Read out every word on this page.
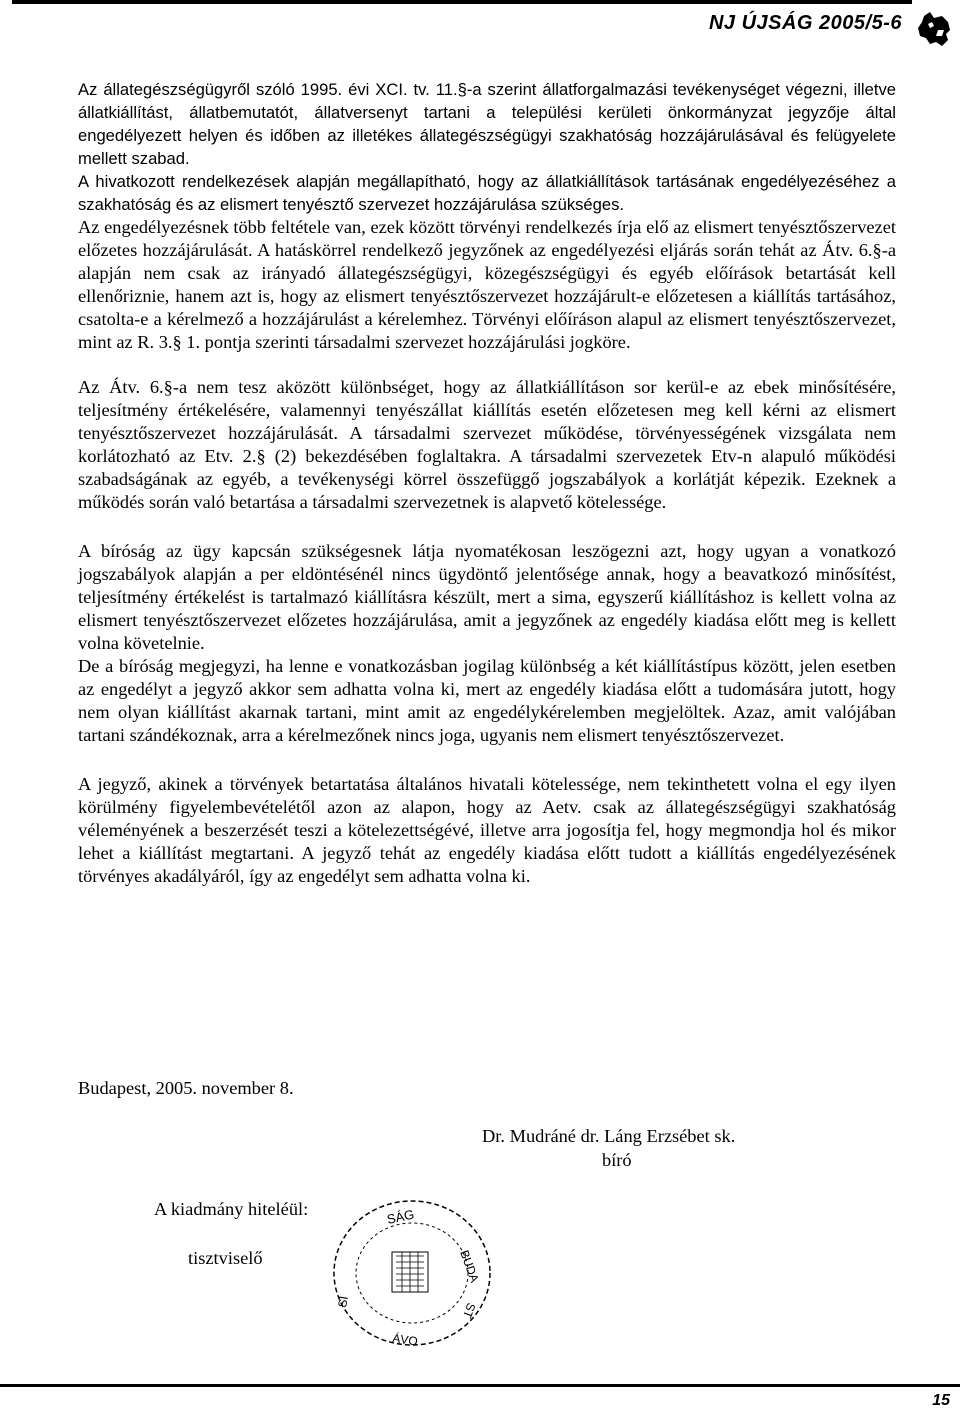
NJ ÚJSÁG 2005/5-6

Az állategészségügyről szóló 1995. évi XCI. tv. 11.§-a szerint állatforgalmazási tevékenységet végezni, illetve állatkiállítást, állatbemutatót, állatversenyt tartani a települési kerületi önkormányzat jegyzője által engedélyezett helyen és időben az illetékes állategészségügyi szakhatóság hozzájárulásával és felügyelete mellett szabad.

A hivatkozott rendelkezések alapján megállapítható, hogy az állatkiállítások tartásának engedélyezéséhez a szakhatóság és az elismert tenyésztő szervezet hozzájárulása szükséges.

Az engedélyezésnek több feltétele van, ezek között törvényi rendelkezés írja elő az elismert tenyésztőszervezet előzetes hozzájárulását. A hatáskörrel rendelkező jegyzőnek az engedélyezési eljárás során tehát az Átv. 6.§-a alapján nem csak az irányadó állategészségügyi, közegészségügyi és egyéb előírások betartását kell ellenőriznie, hanem azt is, hogy az elismert tenyésztőszervezet hozzájárult-e előzetesen a kiállítás tartásához, csatolta-e a kérelmező a hozzájárulást a kérelemhez. Törvényi előíráson alapul az elismert tenyésztőszervezet, mint az R. 3.§ 1. pontja szerinti társadalmi szervezet hozzájárulási jogköre.

Az Átv. 6.§-a nem tesz aközött különbséget, hogy az állatkiállításon sor kerül-e az ebek minősítésére, teljesítmény értékelésére, valamennyi tenyészállat kiállítás esetén előzetesen meg kell kérni az elismert tenyésztőszervezet hozzájárulását. A társadalmi szervezet működése, törvényességének vizsgálata nem korlátozható az Etv. 2.§ (2) bekezdésében foglaltakra. A társadalmi szervezetek Etv-n alapuló működési szabadságának az egyéb, a tevékenységi körrel összefüggő jogszabályok a korlátját képezik. Ezeknek a működés során való betartása a társadalmi szervezetnek is alapvető kötelessége.

A bíróság az ügy kapcsán szükségesnek látja nyomatékosan leszögezni azt, hogy ugyan a vonatkozó jogszabályok alapján a per eldöntésénél nincs ügydöntő jelentősége annak, hogy a beavatkozó minősítést, teljesítmény értékelést is tartalmazó kiállításra készült, mert a sima, egyszerű kiállításhoz is kellett volna az elismert tenyésztőszervezet előzetes hozzájárulása, amit a jegyzőnek az engedély kiadása előtt meg is kellett volna követelnie.

De a bíróság megjegyzi, ha lenne e vonatkozásban jogilag különbség a két kiállítástípus között, jelen esetben az engedélyt a jegyző akkor sem adhatta volna ki, mert az engedély kiadása előtt a tudomására jutott, hogy nem olyan kiállítást akarnak tartani, mint amit az engedélykérelemben megjelöltek. Azaz, amit valójában tartani szándékoznak, arra a kérelmezőnek nincs joga, ugyanis nem elismert tenyésztőszervezet.

A jegyző, akinek a törvények betartatása általános hivatali kötelessége, nem tekinthetett volna el egy ilyen körülmény figyelembevételétől azon az alapon, hogy az Aetv. csak az állategészségügyi szakhatóság véleményének a beszerzését teszi a kötelezettségévé, illetve arra jogosítja fel, hogy megmondja hol és mikor lehet a kiállítást megtartani. A jegyző tehát az engedély kiadása előtt tudott a kiállítás engedélyezésének törvényes akadályáról, így az engedélyt sem adhatta volna ki.

Budapest, 2005. november 8.
Dr. Mudráné dr. Láng Erzsébet sk.
bíró
A kiadmány hiteléül:
tisztviselő
SÁG
BUDA
ST
SI
ÁVO
15
